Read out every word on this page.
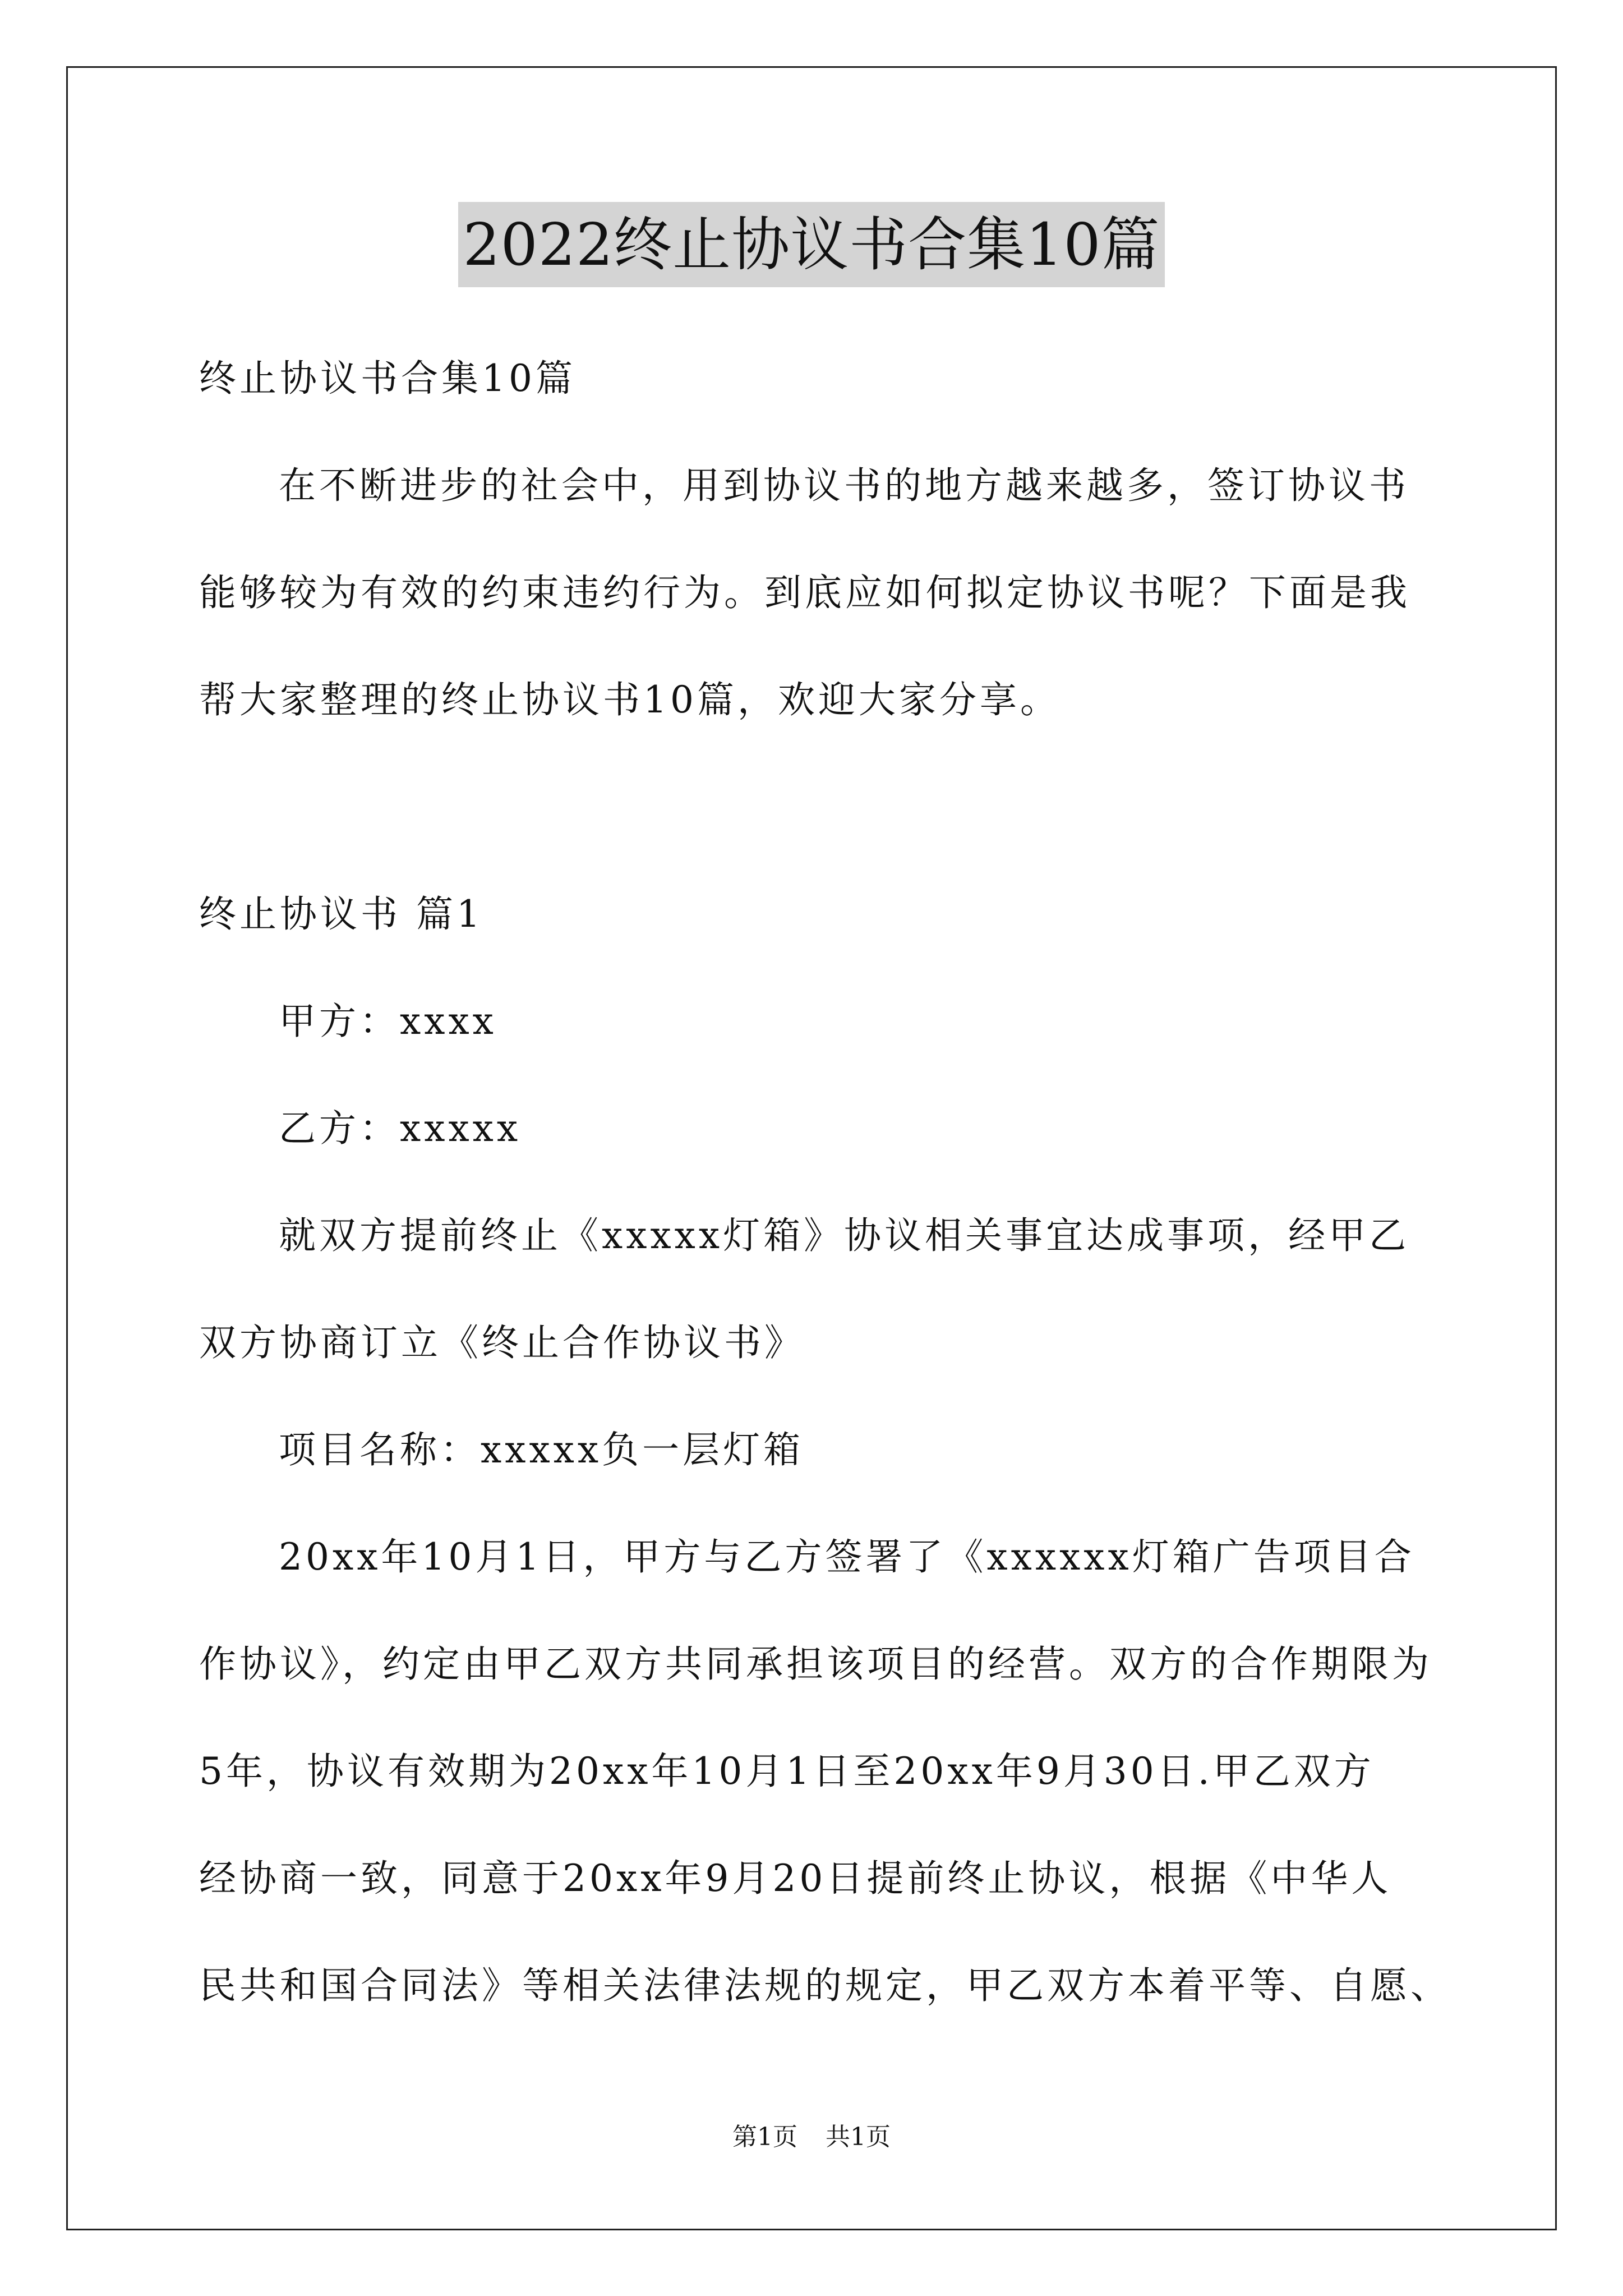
2022终止协议书合集10篇
终止协议书合集10篇
在不断进步的社会中，用到协议书的地方越来越多，签订协议书
能够较为有效的约束违约行为。到底应如何拟定协议书呢？下面是我
帮大家整理的终止协议书10篇，欢迎大家分享。
终止协议书 篇1
甲方：xxxx
乙方：xxxxx
就双方提前终止《xxxxx灯箱》协议相关事宜达成事项，经甲乙
双方协商订立《终止合作协议书》
项目名称：xxxxx负一层灯箱
20xx年10月1日，甲方与乙方签署了《xxxxxx灯箱广告项目合
作协议》，约定由甲乙双方共同承担该项目的经营。双方的合作期限为
5年，协议有效期为20xx年10月1日至20xx年9月30日.甲乙双方
经协商一致，同意于20xx年9月20日提前终止协议，根据《中华人
民共和国合同法》等相关法律法规的规定，甲乙双方本着平等、自愿、
第1页 共1页
